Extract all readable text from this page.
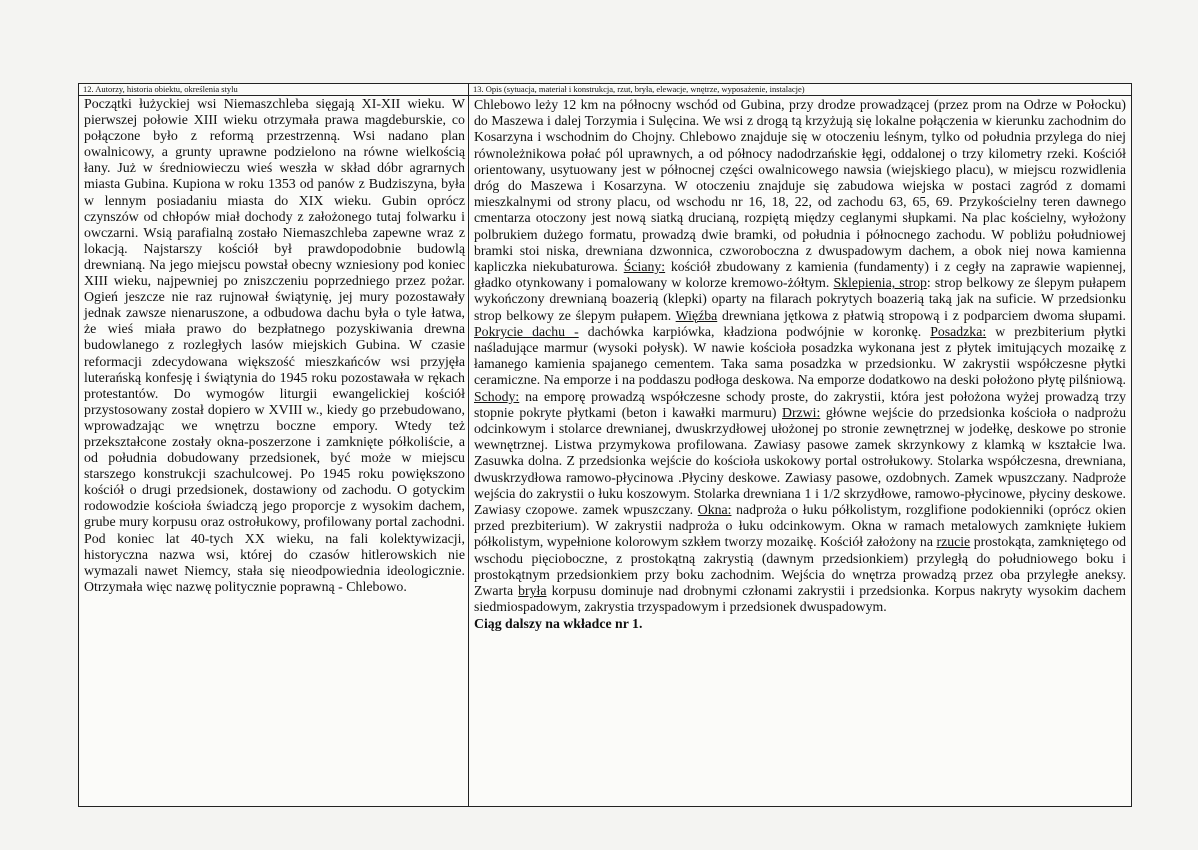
12. Autorzy, historia obiektu, określenia stylu

Początki łużyckiej wsi Niemaszchleba sięgają XI-XII wieku. W pierwszej połowie XIII wieku otrzymała prawa magdeburskie, co połączone było z reformą przestrzenną. Wsi nadano plan owalnicowy, a grunty uprawne podzielono na równe wielkością łany. Już w średniowieczu wieś weszła w skład dóbr agrarnych miasta Gubina. Kupiona w roku 1353 od panów z Budziszyna, była w lennym posiadaniu miasta do XIX wieku. Gubin oprócz czynszów od chłopów miał dochody z założonego tutaj folwarku i owczarni. Wsią parafialną zostało Niemaszchleba zapewne wraz z lokacją. Najstarszy kościół był prawdopodobnie budowlą drewnianą. Na jego miejscu powstał obecny wzniesiony pod koniec XIII wieku, najpewniej po zniszczeniu poprzedniego przez pożar. Ogień jeszcze nie raz rujnował świątynię, jej mury pozostawały jednak zawsze nienaruszone, a odbudowa dachu była o tyle łatwa, że wieś miała prawo do bezpłatnego pozyskiwania drewna budowlanego z rozległych lasów miejskich Gubina. W czasie reformacji zdecydowana większość mieszkańców wsi przyjęła luterańską konfesję i świątynia do 1945 roku pozostawała w rękach protestantów. Do wymogów liturgii ewangelickiej kościół przystosowany został dopiero w XVIII w., kiedy go przebudowano, wprowadzając we wnętrzu boczne empory. Wtedy też przekształcone zostały okna-poszerzone i zamknięte półkoliście, a od południa dobudowany przedsionek, być może w miejscu starszego konstrukcji szachulcowej. Po 1945 roku powiększono kościół o drugi przedsionek, dostawiony od zachodu. O gotyckim rodowodzie kościoła świadczą jego proporcje z wysokim dachem, grube mury korpusu oraz ostrołukowy, profilowany portal zachodni. Pod koniec lat 40-tych XX wieku, na fali kolektywizacji, historyczna nazwa wsi, której do czasów hitlerowskich nie wymazali nawet Niemcy, stała się nieodpowiednia ideologicznie. Otrzymała więc nazwę politycznie poprawną - Chlebowo.

13. Opis (sytuacja, materiał i konstrukcja, rzut, bryła, elewacje, wnętrze, wyposażenie, instalacje)

Chlebowo leży 12 km na północny wschód od Gubina, przy drodze prowadzącej (przez prom na Odrze w Połocku) do Maszewa i dalej Torzymia i Sulęcina. We wsi z drogą tą krzyżują się lokalne połączenia w kierunku zachodnim do Kosarzyna i wschodnim do Chojny. Chlebowo znajduje się w otoczeniu leśnym, tylko od południa przylega do niej równoleżnikowa połać pól uprawnych, a od północy nadodrzańskie łęgi, oddalonej o trzy kilometry rzeki. Kościół orientowany, usytuowany jest w północnej części owalnicowego nawsia (wiejskiego placu), w miejscu rozwidlenia dróg do Maszewa i Kosarzyna. W otoczeniu znajduje się zabudowa wiejska w postaci zagród z domami mieszkalnymi od strony placu, od wschodu nr 16, 18, 22, od zachodu 63, 65, 69. Przykościelny teren dawnego cmentarza otoczony jest nową siatką drucianą, rozpiętą między ceglanymi słupkami. Na plac kościelny, wyłożony polbrukiem dużego formatu, prowadzą dwie bramki, od południa i północnego zachodu. W pobliżu południowej bramki stoi niska, drewniana dzwonnica, czworoboczna z dwuspadowym dachem, a obok niej nowa kamienna kapliczka niekubaturowa. Ściany: kościół zbudowany z kamienia (fundamenty) i z cegły na zaprawie wapiennej, gładko otynkowany i pomalowany w kolorze kremowo-żółtym. Sklepienia, strop: strop belkowy ze ślepym pułapem wykończony drewnianą boazerią (klepki) oparty na filarach pokrytych boazerią taką jak na suficie. W przedsionku strop belkowy ze ślepym pułapem. Więźba drewniana jętkowa z płatwią stropową i z podparciem dwoma słupami. Pokrycie dachu - dachówka karpiówka, kładziona podwójnie w koronkę. Posadzka: w prezbiterium płytki naśladujące marmur (wysoki połysk). W nawie kościoła posadzka wykonana jest z płytek imitujących mozaikę z łamanego kamienia spajanego cementem. Taka sama posadzka w przedsionku. W zakrystii współczesne płytki ceramiczne. Na emporze i na poddaszu podłoga deskowa. Na emporze dodatkowo na deski położono płytę pilśniową. Schody: na emporę prowadzą współczesne schody proste, do zakrystii, która jest położona wyżej prowadzą trzy stopnie pokryte płytkami (beton i kawałki marmuru) Drzwi: główne wejście do przedsionka kościoła o nadprożu odcinkowym i stolarce drewnianej, dwuskrzydłowej ułożonej po stronie zewnętrznej w jodełkę, deskowe po stronie wewnętrznej. Listwa przymykowa profilowana. Zawiasy pasowe zamek skrzynkowy z klamką w kształcie lwa. Zasuwka dolna. Z przedsionka wejście do kościoła uskokowy portal ostrołukowy. Stolarka współczesna, drewniana, dwuskrzydłowa ramowo-płycinowa .Płyciny deskowe. Zawiasy pasowe, ozdobnych. Zamek wpuszczany. Nadproże wejścia do zakrystii o łuku koszowym. Stolarka drewniana 1 i 1/2 skrzydłowe, ramowo-płycinowe, płyciny deskowe. Zawiasy czopowe. zamek wpuszczany. Okna: nadproża o łuku półkolistym, rozglifione podokienniki (oprócz okien przed prezbiterium). W zakrystii nadproża o łuku odcinkowym. Okna w ramach metalowych zamknięte łukiem półkolistym, wypełnione kolorowym szkłem tworzy mozaikę. Kościół założony na rzucie prostokąta, zamkniętego od wschodu pięcioboczne, z prostokątną zakrystią (dawnym przedsionkiem) przyległą do południowego boku i prostokątnym przedsionkiem przy boku zachodnim. Wejścia do wnętrza prowadzą przez oba przyległe aneksy. Zwarta bryła korpusu dominuje nad drobnymi członami zakrystii i przedsionka. Korpus nakryty wysokim dachem siedmiospadowym, zakrystia trzyspadowym i przedsionek dwuspadowym.

Ciąg dalszy na wkładce nr 1.
